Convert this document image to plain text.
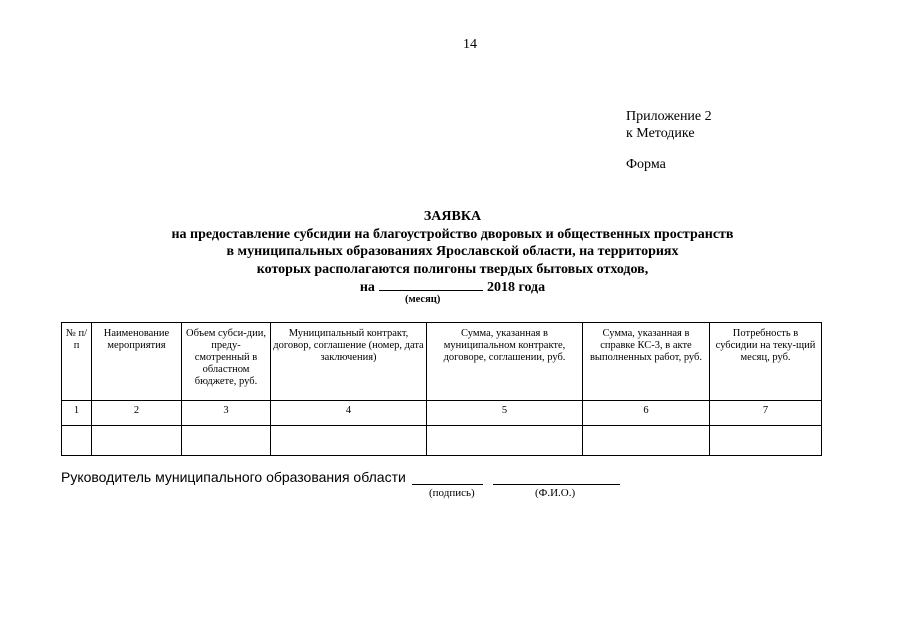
14
Приложение 2
к Методике
Форма
ЗАЯВКА
на предоставление субсидии на благоустройство дворовых и общественных пространств
в муниципальных образованиях Ярославской области, на территориях
которых располагаются полигоны твердых бытовых отходов,
на	2018 года
(месяц)
№ п/п	Наименование мероприятия	Объем субси-дии, преду-смотренный в областном бюджете, руб.	Муниципальный контракт, договор, соглашение (номер, дата заключения)	Сумма, указанная в муниципальном контракте, договоре, соглашении, руб.	Сумма, указанная в справке КС-3, в акте выполненных работ, руб.	Потребность в субсидии на теку-щий месяц, руб.
1	2	3	4	5	6	7

Руководитель муниципального образования области
(подпись)	(Ф.И.О.)
